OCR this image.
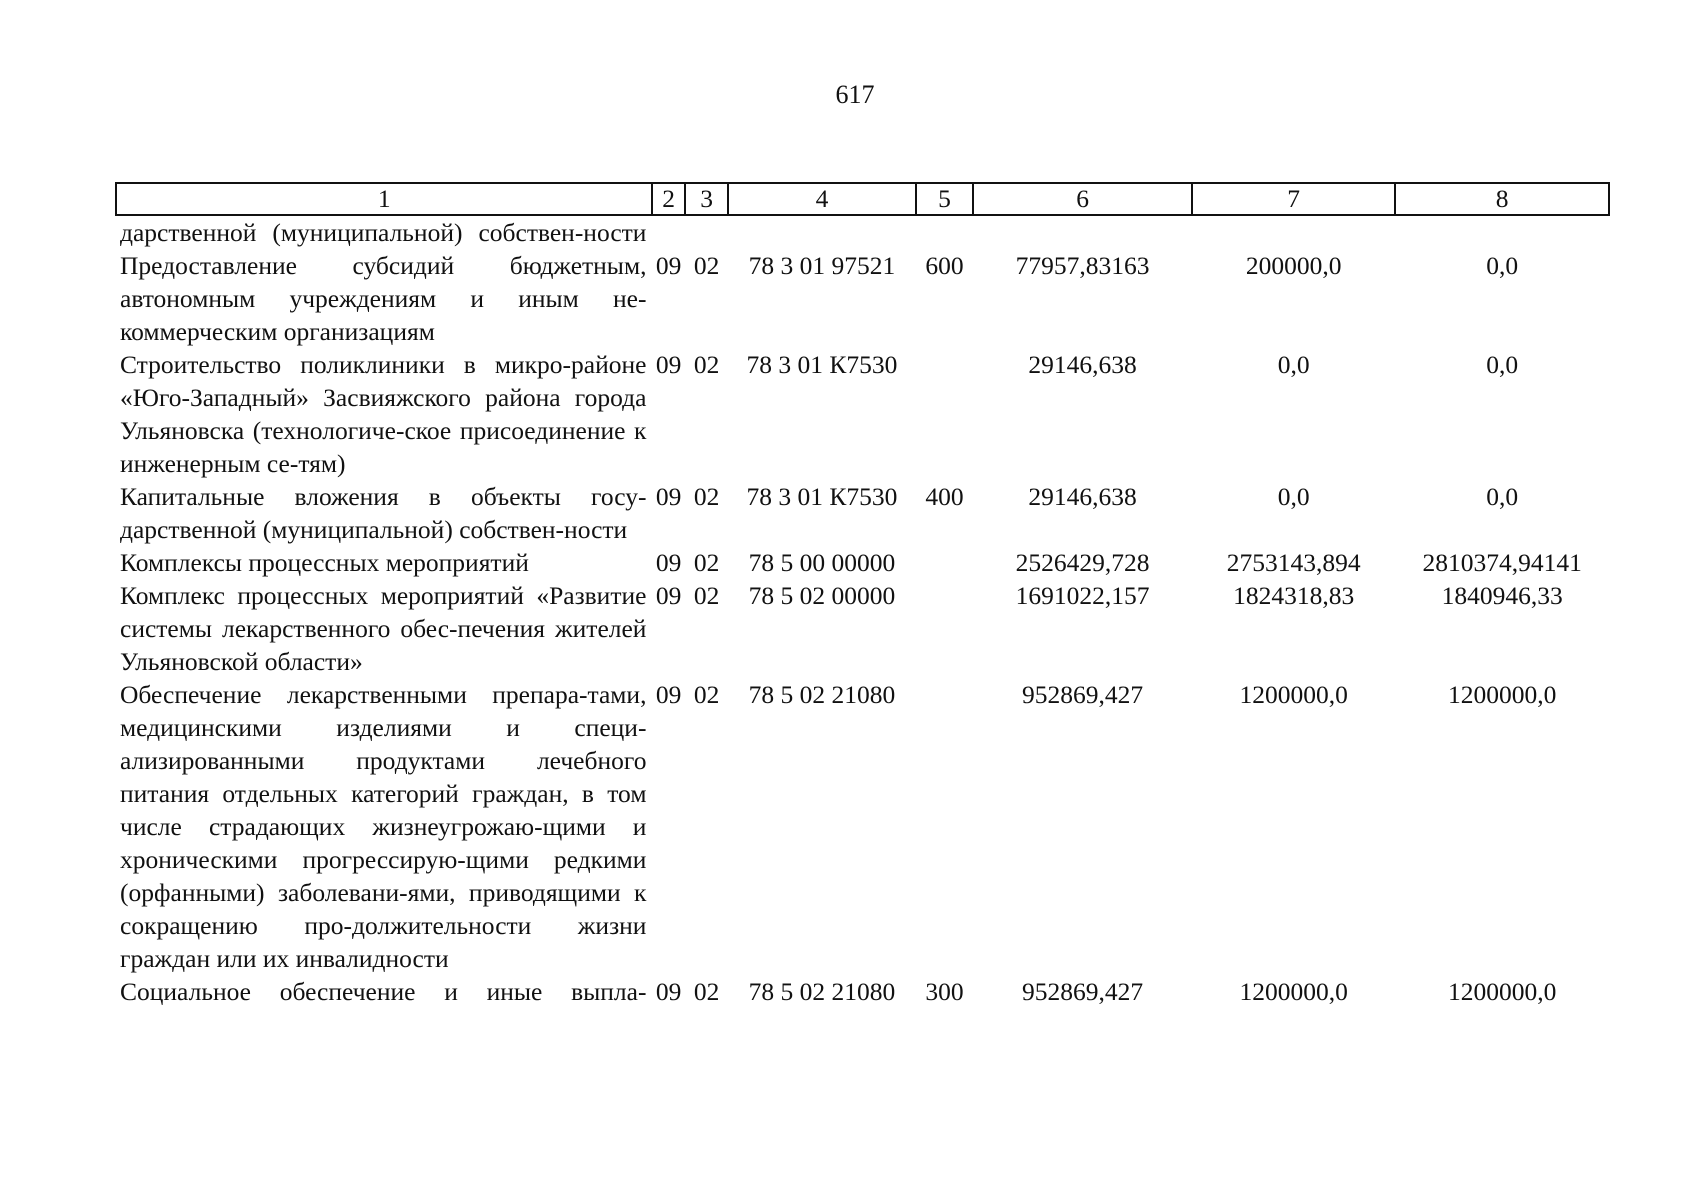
617
1	2	3	4	5	6	7	8
дарственной (муниципальной) собствен-ности							
Предоставление субсидий бюджетным, автономным учреждениям и иным не-коммерческим организациям	09	02	78 3 01 97521	600	77957,83163	200000,0	0,0
Строительство поликлиники в микро-районе «Юго-Западный» Засвияжского района города Ульяновска (технологиче-ское присоединение к инженерным се-тям)	09	02	78 3 01 К7530		29146,638	0,0	0,0
Капитальные вложения в объекты госу-дарственной (муниципальной) собствен-ности	09	02	78 3 01 К7530	400	29146,638	0,0	0,0
Комплексы процессных мероприятий	09	02	78 5 00 00000		2526429,728	2753143,894	2810374,94141
Комплекс процессных мероприятий «Развитие системы лекарственного обес-печения жителей Ульяновской области»	09	02	78 5 02 00000		1691022,157	1824318,83	1840946,33
Обеспечение лекарственными препара-тами, медицинскими изделиями и специ-ализированными продуктами лечебного питания отдельных категорий граждан, в том числе страдающих жизнеугрожаю-щими и хроническими прогрессирую-щими редкими (орфанными) заболевани-ями, приводящими к сокращению про-должительности жизни граждан или их инвалидности	09	02	78 5 02 21080		952869,427	1200000,0	1200000,0
Социальное обеспечение и иные выпла-	09	02	78 5 02 21080	300	952869,427	1200000,0	1200000,0
